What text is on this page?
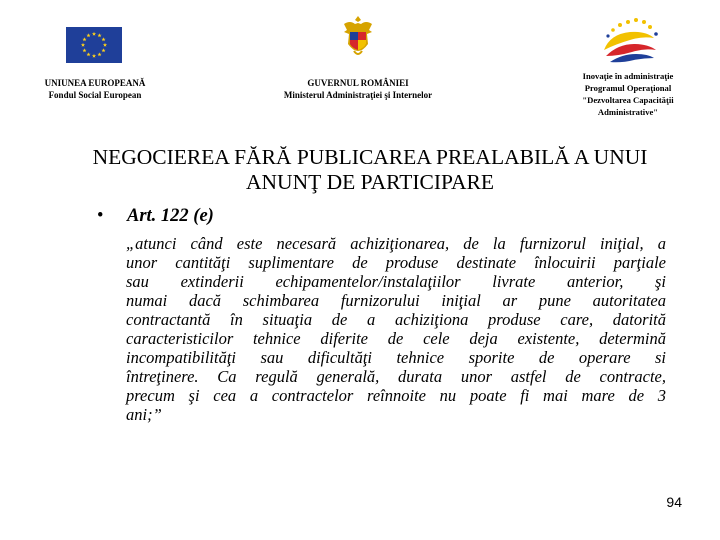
UNIUNEA EUROPEANĂ
Fondul Social European
GUVERNUL ROMÂNIEI
Ministerul Administraţiei şi Internelor
Inovaţie în administraţie
Programul Operaţional
"Dezvoltarea Capacităţii
Administrative"
NEGOCIEREA FĂRĂ PUBLICAREA PREALABILĂ A UNUI
ANUNŢ DE PARTICIPARE
• Art. 122 (e)
„atunci când este necesară achiziţionarea, de la furnizorul iniţial, a
unor cantităţi suplimentare de produse destinate înlocuirii parţiale
sau extinderii echipamentelor/instalaţiilor livrate anterior, şi
numai dacă schimbarea furnizorului iniţial ar pune autoritatea
contractantă în situaţia de a achiziţiona produse care, datorită
caracteristicilor tehnice diferite de cele deja existente, determină
incompatibilităţi sau dificultăţi tehnice sporite de operare si
întreţinere. Ca regulă generală, durata unor astfel de contracte,
precum şi cea a contractelor reînnoite nu poate fi mai mare de 3
ani;”
94
